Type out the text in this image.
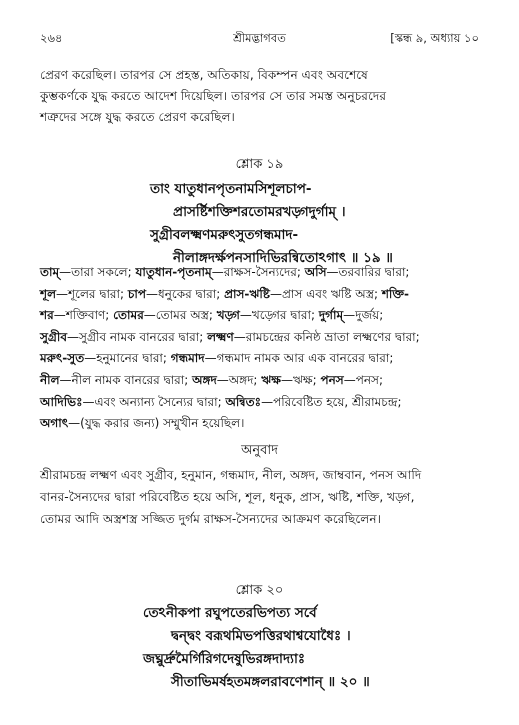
২৬৪	শ্রীমদ্ভাগবত	[স্কন্ধ ৯, অধ্যায় ১০
প্রেরণ করেছিল। তারপর সে প্রহস্ত, অতিকায়, বিকম্পন এবং অবশেষে
কুম্ভকর্ণকে যুদ্ধ করতে আদেশ দিয়েছিল। তারপর সে তার সমস্ত অনুচরদের
শত্রুদের সঙ্গে যুদ্ধ করতে প্রেরণ করেছিল।
শ্লোক ১৯
তাং যাতুধানপৃতনামসিশূলচাপ-
প্রাসর্ষ্টিশক্তিশরতোমরখড়্গদুর্গাম্ ।
সুগ্রীবলক্ষ্মণমরুৎসুতগন্ধমাদ-
নীলাঙ্গদর্ক্ষপনসাদিভিরন্বিতোঽগাৎ ॥ ১৯ ॥

তাম্—তারা সকলে; যাতুধান-পৃতনাম্—রাক্ষস-সৈন্যদের; অসি—তরবারির দ্বারা;

শূল—শূলের দ্বারা; চাপ—ধনুকের দ্বারা; প্রাস-ঋষ্টি—প্রাস এবং ঋষ্টি অস্ত্র; শক্তি-

শর—শক্তিবাণ; তোমর—তোমর অস্ত্র; খড়্গ—খড়্গের দ্বারা; দুর্গাম্—দুর্জয়;

সুগ্রীব—সুগ্রীব নামক বানরের দ্বারা; লক্ষ্মণ—রামচন্দ্রের কনিষ্ঠ ভ্রাতা লক্ষ্মণের দ্বারা;

মরুৎ-সুত—হনুমানের দ্বারা; গন্ধমাদ—গন্ধমাদ নামক আর এক বানরের দ্বারা;

নীল—নীল নামক বানরের দ্বারা; অঙ্গদ—অঙ্গদ; ঋক্ষ—ঋক্ষ; পনস—পনস;

আদিভিঃ—এবং অন্যান্য সৈন্যের দ্বারা; অন্বিতঃ—পরিবেষ্টিত হয়ে, শ্রীরামচন্দ্র;

অগাৎ—(যুদ্ধ করার জন্য) সম্মুখীন হয়েছিল।

অনুবাদ
শ্রীরামচন্দ্র লক্ষ্মণ এবং সুগ্রীব, হনুমান, গন্ধমাদ, নীল, অঙ্গদ, জাম্ববান, পনস আদি
বানর-সৈন্যদের দ্বারা পরিবেষ্টিত হয়ে অসি, শূল, ধনুক, প্রাস, ঋষ্টি, শক্তি, খড়্গ,
তোমর আদি অস্ত্রশস্ত্র সজ্জিত দুর্গম রাক্ষস-সৈন্যদের আক্রমণ করেছিলেন।
শ্লোক ২০
তেঽনীকপা রঘুপতেরভিপত্য সর্বে
দ্বন্দ্বং বরূথমিভপত্তিরথাশ্বযোধৈঃ ।
জঘ্নুর্দ্রুমৈর্গিরিগদেষুভিরঙ্গদাদ্যাঃ
সীতাভিমর্ষহতমঙ্গলরাবণেশান্ ॥ ২০ ॥
